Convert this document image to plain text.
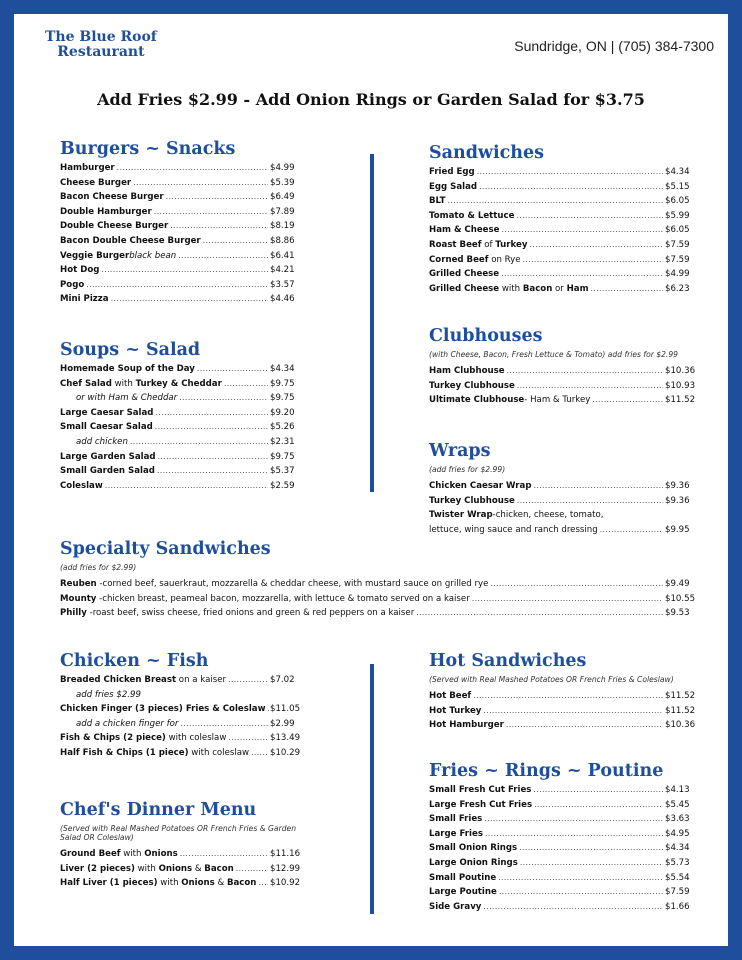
The Blue Roof
Restaurant	Sundridge, ON | (705) 384-7300
Add Fries $2.99 - Add Onion Rings or Garden Salad for $3.75
Burgers ~ Snacks
Hamburger .....	$4.99
Cheese Burger .....	$5.39
Bacon Cheese Burger .....	$6.49
Double Hamburger .....	$7.89
Double Cheese Burger .....	$8.19
Bacon Double Cheese Burger .....	$8.86
Veggie Burgerblack bean .....	$6.41
Hot Dog .....	$4.21
Pogo .....	$3.57
Mini Pizza .....	$4.46
Soups ~ Salad
Homemade Soup of the Day .....	$4.34
Chef Salad with Turkey & Cheddar .....	$9.75
or with Ham & Cheddar .....	$9.75
Large Caesar Salad .....	$9.20
Small Caesar Salad .....	$5.26
add chicken .....	$2.31
Large Garden Salad .....	$9.75
Small Garden Salad .....	$5.37
Coleslaw .....	$2.59
Sandwiches
Fried Egg .....	$4.34
Egg Salad .....	$5.15
BLT .....	$6.05
Tomato & Lettuce .....	$5.99
Ham & Cheese .....	$6.05
Roast Beef of Turkey .....	$7.59
Corned Beef on Rye .....	$7.59
Grilled Cheese .....	$4.99
Grilled Cheese with Bacon or Ham .....	$6.23
Clubhouses
(with Cheese, Bacon, Fresh Lettuce & Tomato) add fries for $2.99
Ham Clubhouse .....	$10.36
Turkey Clubhouse .....	$10.93
Ultimate Clubhouse- Ham & Turkey .....	$11.52
Wraps
(add fries for $2.99)
Chicken Caesar Wrap .....	$9.36
Turkey Clubhouse .....	$9.36
Twister Wrap-chicken, cheese, tomato,
lettuce, wing sauce and ranch dressing .....	$9.95
Specialty Sandwiches
(add fries for $2.99)
Reuben -corned beef, sauerkraut, mozzarella & cheddar cheese, with mustard sauce on grilled rye .....	$9.49
Mounty -chicken breast, peameal bacon, mozzarella, with lettuce & tomato served on a kaiser .....	$10.55
Philly -roast beef, swiss cheese, fried onions and green & red peppers on a kaiser .....	$9.53
Chicken ~ Fish
Breaded Chicken Breast on a kaiser .....	$7.02
add fries $2.99
Chicken Finger (3 pieces) Fries & Coleslaw ..... $11.05
add a chicken finger for .....	$2.99
Fish & Chips (2 piece) with coleslaw .....	$13.49
Half Fish & Chips (1 piece) with coleslaw ..... $10.29
Hot Sandwiches
(Served with Real Mashed Potatoes OR French Fries & Coleslaw)
Hot Beef .....	$11.52
Hot Turkey .....	$11.52
Hot Hamburger .....	$10.36
Chef's Dinner Menu
(Served with Real Mashed Potatoes OR French Fries & Garden Salad OR Coleslaw)
Ground Beef with Onions .....	$11.16
Liver (2 pieces) with Onions & Bacon .....	$12.99
Half Liver (1 pieces) with Onions & Bacon ..... $10.92
Fries ~ Rings ~ Poutine
Small Fresh Cut Fries .....	$4.13
Large Fresh Cut Fries .....	$5.45
Small Fries .....	$3.63
Large Fries .....	$4.95
Small Onion Rings .....	$4.34
Large Onion Rings .....	$5.73
Small Poutine .....	$5.54
Large Poutine .....	$7.59
Side Gravy .....	$1.66
